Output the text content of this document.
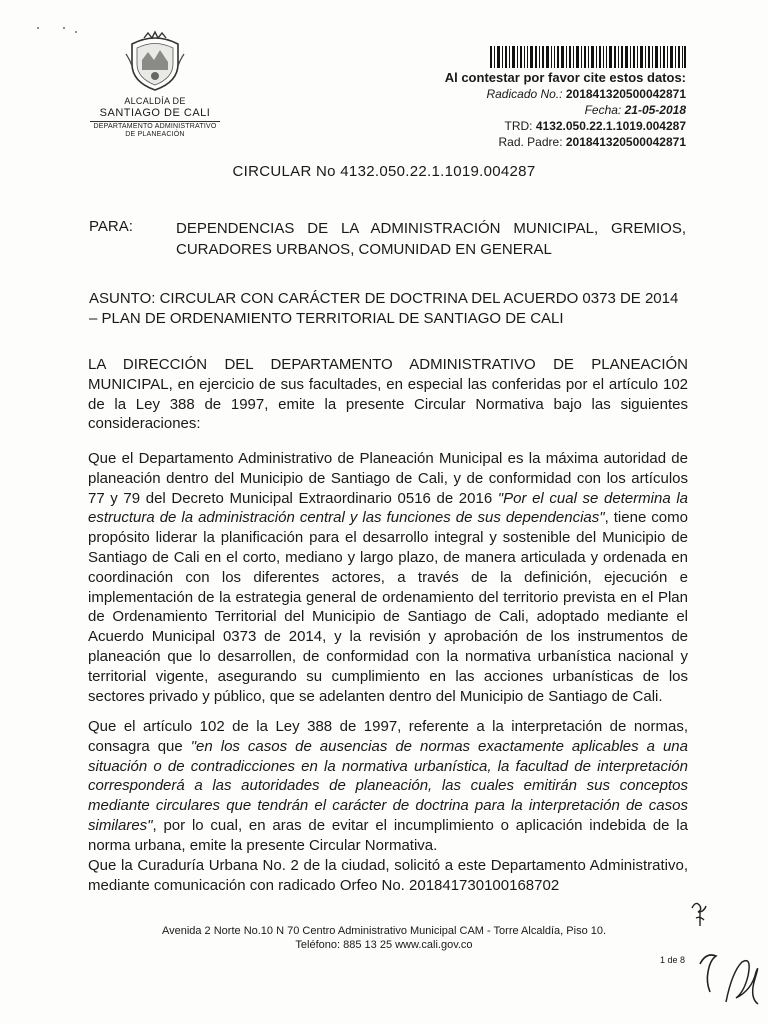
ALCALDÍA DE
SANTIAGO DE CALI
DEPARTAMENTO ADMINISTRATIVO
DE PLANEACIÓN
Al contestar por favor cite estos datos:
Radicado No.: 201841320500042871
Fecha: 21-05-2018
TRD: 4132.050.22.1.1019.004287
Rad. Padre: 201841320500042871
CIRCULAR No 4132.050.22.1.1019.004287
PARA:	DEPENDENCIAS DE LA ADMINISTRACIÓN MUNICIPAL, GREMIOS, CURADORES URBANOS, COMUNIDAD EN GENERAL
ASUNTO: CIRCULAR CON CARÁCTER DE DOCTRINA DEL ACUERDO 0373 DE 2014 – PLAN DE ORDENAMIENTO TERRITORIAL DE SANTIAGO DE CALI
LA DIRECCIÓN DEL DEPARTAMENTO ADMINISTRATIVO DE PLANEACIÓN MUNICIPAL, en ejercicio de sus facultades, en especial las conferidas por el artículo 102 de la Ley 388 de 1997, emite la presente Circular Normativa bajo las siguientes consideraciones:
Que el Departamento Administrativo de Planeación Municipal es la máxima autoridad de planeación dentro del Municipio de Santiago de Cali, y de conformidad con los artículos 77 y 79 del Decreto Municipal Extraordinario 0516 de 2016 "Por el cual se determina la estructura de la administración central y las funciones de sus dependencias", tiene como propósito liderar la planificación para el desarrollo integral y sostenible del Municipio de Santiago de Cali en el corto, mediano y largo plazo, de manera articulada y ordenada en coordinación con los diferentes actores, a través de la definición, ejecución e implementación de la estrategia general de ordenamiento del territorio prevista en el Plan de Ordenamiento Territorial del Municipio de Santiago de Cali, adoptado mediante el Acuerdo Municipal 0373 de 2014, y la revisión y aprobación de los instrumentos de planeación que lo desarrollen, de conformidad con la normativa urbanística nacional y territorial vigente, asegurando su cumplimiento en las acciones urbanísticas de los sectores privado y público, que se adelanten dentro del Municipio de Santiago de Cali.
Que el artículo 102 de la Ley 388 de 1997, referente a la interpretación de normas, consagra que "en los casos de ausencias de normas exactamente aplicables a una situación o de contradicciones en la normativa urbanística, la facultad de interpretación corresponderá a las autoridades de planeación, las cuales emitirán sus conceptos mediante circulares que tendrán el carácter de doctrina para la interpretación de casos similares", por lo cual, en aras de evitar el incumplimiento o aplicación indebida de la norma urbana, emite la presente Circular Normativa.
Que la Curaduría Urbana No. 2 de la ciudad, solicitó a este Departamento Administrativo, mediante comunicación con radicado Orfeo No. 201841730100168702
Avenida 2 Norte No.10 N 70 Centro Administrativo Municipal CAM - Torre Alcaldía, Piso 10.
Teléfono: 885 13 25 www.cali.gov.co
1 de 8
